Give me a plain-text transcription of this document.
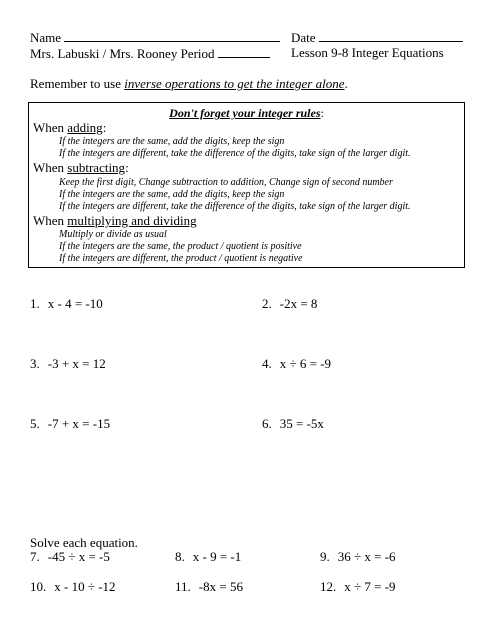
Name	Date
Mrs. Labuski / Mrs. Rooney Period	Lesson 9-8 Integer Equations
Remember to use inverse operations to get the integer alone.
Don't forget your integer rules:
When adding:
If the integers are the same, add the digits, keep the sign
If the integers are different, take the difference of the digits, take sign of the larger digit.
When subtracting:
Keep the first digit, Change subtraction to addition, Change sign of second number
If the integers are the same, add the digits, keep the sign
If the integers are different, take the difference of the digits, take sign of the larger digit.
When multiplying and dividing
Multiply or divide as usual
If the integers are the same, the product / quotient is positive
If the integers are different, the product / quotient is negative
1. x - 4 = -10	2. -2x = 8
3. -3 + x = 12	4. x ÷ 6 = -9
5. -7 + x = -15	6. 35 = -5x
Solve each equation.
7. -45 ÷ x = -5	8. x - 9 = -1	9. 36 ÷ x = -6
10. x - 10 ÷ -12	11. -8x = 56	12. x ÷ 7 = -9
